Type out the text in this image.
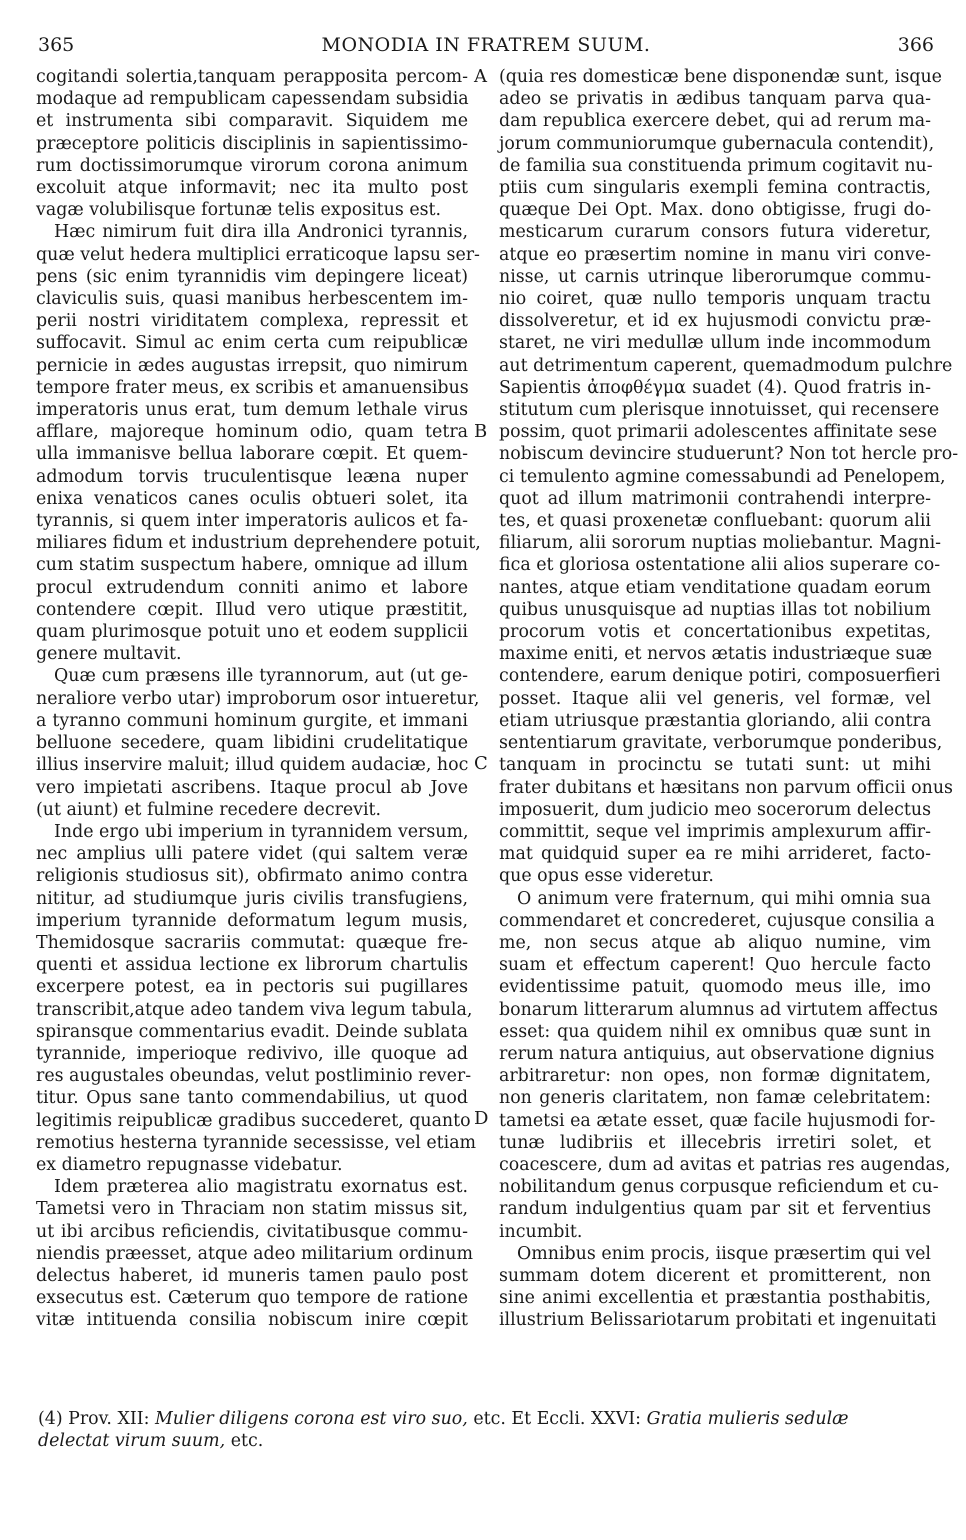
365	MONODIA IN FRATREM SUUM.	366

cogitandi solertia,tanquam perapposita percom-

modaque ad rempublicam capessendam subsidia

et instrumenta sibi comparavit. Siquidem me

præceptore politicis disciplinis in sapientissimo-

rum doctissimorumque virorum corona animum

excoluit atque informavit; nec ita multo post

vagæ volubilisque fortunæ telis expositus est.

Hæc nimirum fuit dira illa Andronici tyrannis,

quæ velut hedera multiplici erraticoque lapsu ser-

pens (sic enim tyrannidis vim depingere liceat)

claviculis suis, quasi manibus herbescentem im-

perii nostri viriditatem complexa, repressit et

suffocavit. Simul ac enim certa cum reipublicæ

pernicie in ædes augustas irrepsit, quo nimirum

tempore frater meus, ex scribis et amanuensibus

imperatoris unus erat, tum demum lethale virus

afflare, majoreque hominum odio, quam tetra

ulla immanisve bellua laborare cœpit. Et quem-

admodum torvis truculentisque leæna nuper

enixa venaticos canes oculis obtueri solet, ita

tyrannis, si quem inter imperatoris aulicos et fa-

miliares fidum et industrium deprehendere potuit,

cum statim suspectum habere, omnique ad illum

procul extrudendum conniti animo et labore

contendere cœpit. Illud vero utique præstitit,

quam plurimosque potuit uno et eodem supplicii

genere multavit.

Quæ cum præsens ille tyrannorum, aut (ut ge-

neraliore verbo utar) improborum osor intueretur,

a tyranno communi hominum gurgite, et immani

belluone secedere, quam libidini crudelitatique

illius inservire maluit; illud quidem audaciæ, hoc

vero impietati ascribens. Itaque procul ab Jove

(ut aiunt) et fulmine recedere decrevit.

Inde ergo ubi imperium in tyrannidem versum,

nec amplius ulli patere videt (qui saltem veræ

religionis studiosus sit), obfirmato animo contra

nititur, ad studiumque juris civilis transfugiens,

imperium tyrannide deformatum legum musis,

Themidosque sacrariis commutat: quæque fre-

quenti et assidua lectione ex librorum chartulis

excerpere potest, ea in pectoris sui pugillares

transcribit,atque adeo tandem viva legum tabula,

spiransque commentarius evadit. Deinde sublata

tyrannide, imperioque redivivo, ille quoque ad

res augustales obeundas, velut postliminio rever-

titur. Opus sane tanto commendabilius, ut quod

legitimis reipublicæ gradibus succederet, quanto

remotius hesterna tyrannide secessisse, vel etiam

ex diametro repugnasse videbatur.

Idem præterea alio magistratu exornatus est.

Tametsi vero in Thraciam non statim missus sit,

ut ibi arcibus reficiendis, civitatibusque commu-

niendis præesset, atque adeo militarium ordinum

delectus haberet, id muneris tamen paulo post

exsecutus est. Cæterum quo tempore de ratione

vitæ intituenda consilia nobiscum inire cœpit

(quia res domesticæ bene disponendæ sunt, isque

adeo se privatis in ædibus tanquam parva qua-

dam republica exercere debet, qui ad rerum ma-

jorum communiorumque gubernacula contendit),

de familia sua constituenda primum cogitavit nu-

ptiis cum singularis exempli femina contractis,

quæque Dei Opt. Max. dono obtigisse, frugi do-

mesticarum curarum consors futura videretur,

atque eo præsertim nomine in manu viri conve-

nisse, ut carnis utrinque liberorumque commu-

nio coiret, quæ nullo temporis unquam tractu

dissolveretur, et id ex hujusmodi convictu præ-

staret, ne viri medullæ ullum inde incommodum

aut detrimentum caperent, quemadmodum pulchre

Sapientis ἀποφθέγμα suadet (4). Quod fratris in-

stitutum cum plerisque innotuisset, qui recensere

possim, quot primarii adolescentes affinitate sese

nobiscum devincire studuerunt? Non tot hercle pro-

ci temulento agmine comessabundi ad Penelopem,

quot ad illum matrimonii contrahendi interpre-

tes, et quasi proxenetæ confluebant: quorum alii

filiarum, alii sororum nuptias moliebantur. Magni-

fica et gloriosa ostentatione alii alios superare co-

nantes, atque etiam venditatione quadam eorum

quibus unusquisque ad nuptias illas tot nobilium

procorum votis et concertationibus expetitas,

maxime eniti, et nervos ætatis industriæque suæ

contendere, earum denique potiri, composuerfieri

posset. Itaque alii vel generis, vel formæ, vel

etiam utriusque præstantia gloriando, alii contra

sententiarum gravitate, verborumque ponderibus,

tanquam in procinctu se tutati sunt: ut mihi

frater dubitans et hæsitans non parvum officii onus

imposuerit, dum judicio meo socerorum delectus

committit, seque vel imprimis amplexurum affir-

mat quidquid super ea re mihi arrideret, facto-

que opus esse videretur.

O animum vere fraternum, qui mihi omnia sua

commendaret et concrederet, cujusque consilia a

me, non secus atque ab aliquo numine, vim

suam et effectum caperent! Quo hercule facto

evidentissime patuit, quomodo meus ille, imo

bonarum litterarum alumnus ad virtutem affectus

esset: qua quidem nihil ex omnibus quæ sunt in

rerum natura antiquius, aut observatione dignius

arbitraretur: non opes, non formæ dignitatem,

non generis claritatem, non famæ celebritatem:

tametsi ea ætate esset, quæ facile hujusmodi for-

tunæ ludibriis et illecebris irretiri solet, et

coacescere, dum ad avitas et patrias res augendas,

nobilitandum genus corpusque reficiendum et cu-

randum indulgentius quam par sit et ferventius

incumbit.

Omnibus enim procis, iisque præsertim qui vel

summam dotem dicerent et promitterent, non

sine animi excellentia et præstantia posthabitis,

illustrium Belissariotarum probitati et ingenuitati

A
B
C
D

(4) Prov. XII: Mulier diligens corona est viro suo, etc. Et Eccli. XXVI: Gratia mulieris sedulæ

delectat virum suum, etc.
